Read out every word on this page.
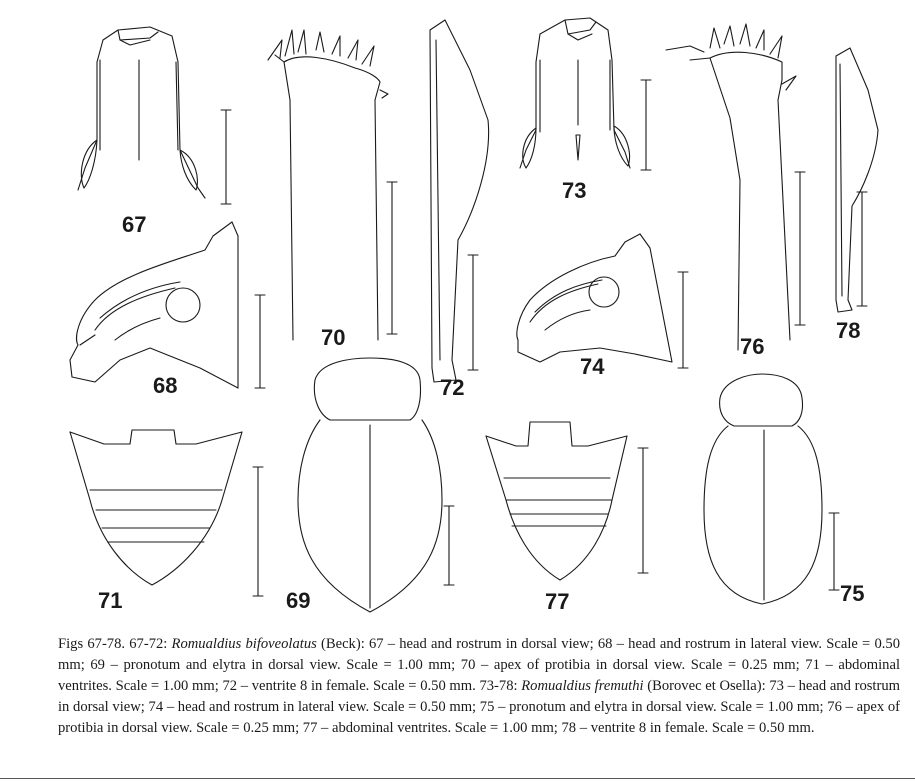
67
68
70
72
69
71
73
74
76
78
75
77
Figs 67-78. 67-72: Romualdius bifoveolatus (Beck): 67 – head and rostrum in dorsal view; 68 – head and rostrum in lateral view. Scale = 0.50 mm; 69 – pronotum and elytra in dorsal view. Scale = 1.00 mm; 70 – apex of protibia in dorsal view. Scale = 0.25 mm; 71 – abdominal ventrites. Scale = 1.00 mm; 72 – ventrite 8 in female. Scale = 0.50 mm. 73-78: Romualdius fremuthi (Borovec et Osella): 73 – head and rostrum in dorsal view; 74 – head and rostrum in lateral view. Scale = 0.50 mm; 75 – pronotum and elytra in dorsal view. Scale = 1.00 mm; 76 – apex of protibia in dorsal view. Scale = 0.25 mm; 77 – abdominal ventrites. Scale = 1.00 mm; 78 – ventrite 8 in female. Scale = 0.50 mm.
